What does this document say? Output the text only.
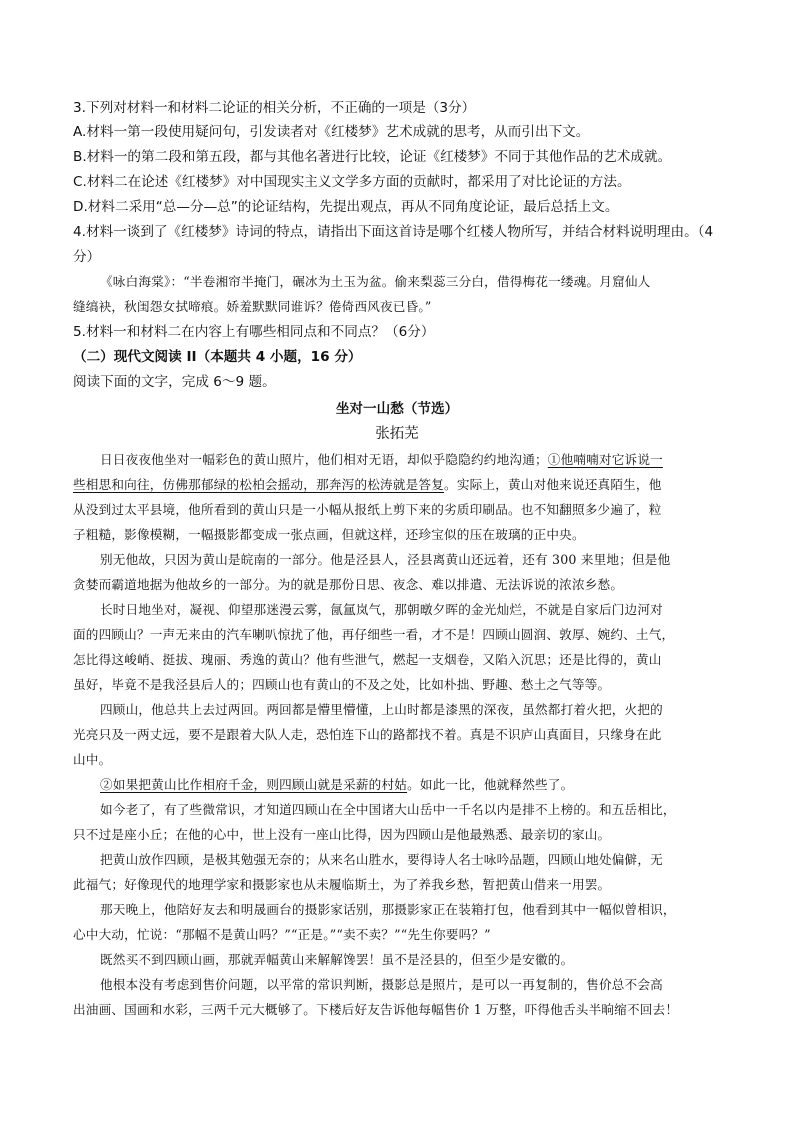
3.下列对材料一和材料二论证的相关分析，不正确的一项是（3分）
A.材料一第一段使用疑问句，引发读者对《红楼梦》艺术成就的思考，从而引出下文。
B.材料一的第二段和第五段，都与其他名著进行比较，论证《红楼梦》不同于其他作品的艺术成就。
C.材料二在论述《红楼梦》对中国现实主义文学多方面的贡献时，都采用了对比论证的方法。
D.材料二采用“总—分—总”的论证结构，先提出观点，再从不同角度论证，最后总括上文。
4.材料一谈到了《红楼梦》诗词的特点，请指出下面这首诗是哪个红楼人物所写，并结合材料说明理由。（4
分）
《咏白海棠》：“半卷湘帘半掩门，碾冰为土玉为盆。偷来梨蕊三分白，借得梅花一缕魂。月窟仙人
缝缟袂，秋闺怨女拭啼痕。娇羞默默同谁诉？倦倚西风夜已昏。”
5.材料一和材料二在内容上有哪些相同点和不同点？（6分）
（二）现代文阅读 II（本题共 4 小题，16 分）
阅读下面的文字，完成 6～9 题。
坐对一山愁（节选）
张拓芜
日日夜夜他坐对一幅彩色的黄山照片，他们相对无语，却似乎隐隐约约地沟通；①他喃喃对它诉说一
些相思和向往，仿佛那郁绿的松柏会摇动，那奔泻的松涛就是答复。实际上，黄山对他来说还真陌生，他
从没到过太平县境，他所看到的黄山只是一小幅从报纸上剪下来的劣质印刷品。也不知翻照多少遍了，粒
子粗糙，影像模糊，一幅摄影都变成一张点画，但就这样，还珍宝似的压在玻璃的正中央。
别无他故，只因为黄山是皖南的一部分。他是泾县人，泾县离黄山还远着，还有 300 来里地；但是他
贪婪而霸道地据为他故乡的一部分。为的就是那份日思、夜念、难以排遣、无法诉说的浓浓乡愁。
长时日地坐对，凝视、仰望那迷漫云雾，氤氲岚气，那朝暾夕晖的金光灿烂，不就是自家后门边河对
面的四顾山？一声无来由的汽车喇叭惊扰了他，再仔细些一看，才不是！四顾山圆润、敦厚、婉约、土气，
怎比得这峻峭、挺拔、瑰丽、秀逸的黄山？他有些泄气，燃起一支烟卷，又陷入沉思；还是比得的，黄山
虽好，毕竟不是我泾县后人的；四顾山也有黄山的不及之处，比如朴拙、野趣、愁土之气等等。
四顾山，他总共上去过两回。两回都是懵里懵懂，上山时都是漆黑的深夜，虽然都打着火把，火把的
光亮只及一两丈远，要不是跟着大队人走，恐怕连下山的路都找不着。真是不识庐山真面目，只缘身在此
山中。
②如果把黄山比作相府千金，则四顾山就是采薪的村姑。如此一比，他就释然些了。
如今老了，有了些微常识，才知道四顾山在全中国诸大山岳中一千名以内是排不上榜的。和五岳相比，
只不过是座小丘；在他的心中，世上没有一座山比得，因为四顾山是他最熟悉、最亲切的家山。
把黄山放作四顾，是极其勉强无奈的；从来名山胜水，要得诗人名士咏吟品题，四顾山地处偏僻，无
此福气；好像现代的地理学家和摄影家也从未履临斯土，为了养我乡愁，暂把黄山借来一用罢。
那天晚上，他陪好友去和明晟画台的摄影家话别，那摄影家正在装箱打包，他看到其中一幅似曾相识，
心中大动，忙说：“那幅不是黄山吗？”“正是。”“卖不卖？”“先生你要吗？”
既然买不到四顾山画，那就弄幅黄山来解解馋罢！虽不是泾县的，但至少是安徽的。
他根本没有考虑到售价问题，以平常的常识判断，摄影总是照片，是可以一再复制的，售价总不会高
出油画、国画和水彩，三两千元大概够了。下楼后好友告诉他每幅售价 1 万整，吓得他舌头半晌缩不回去！
